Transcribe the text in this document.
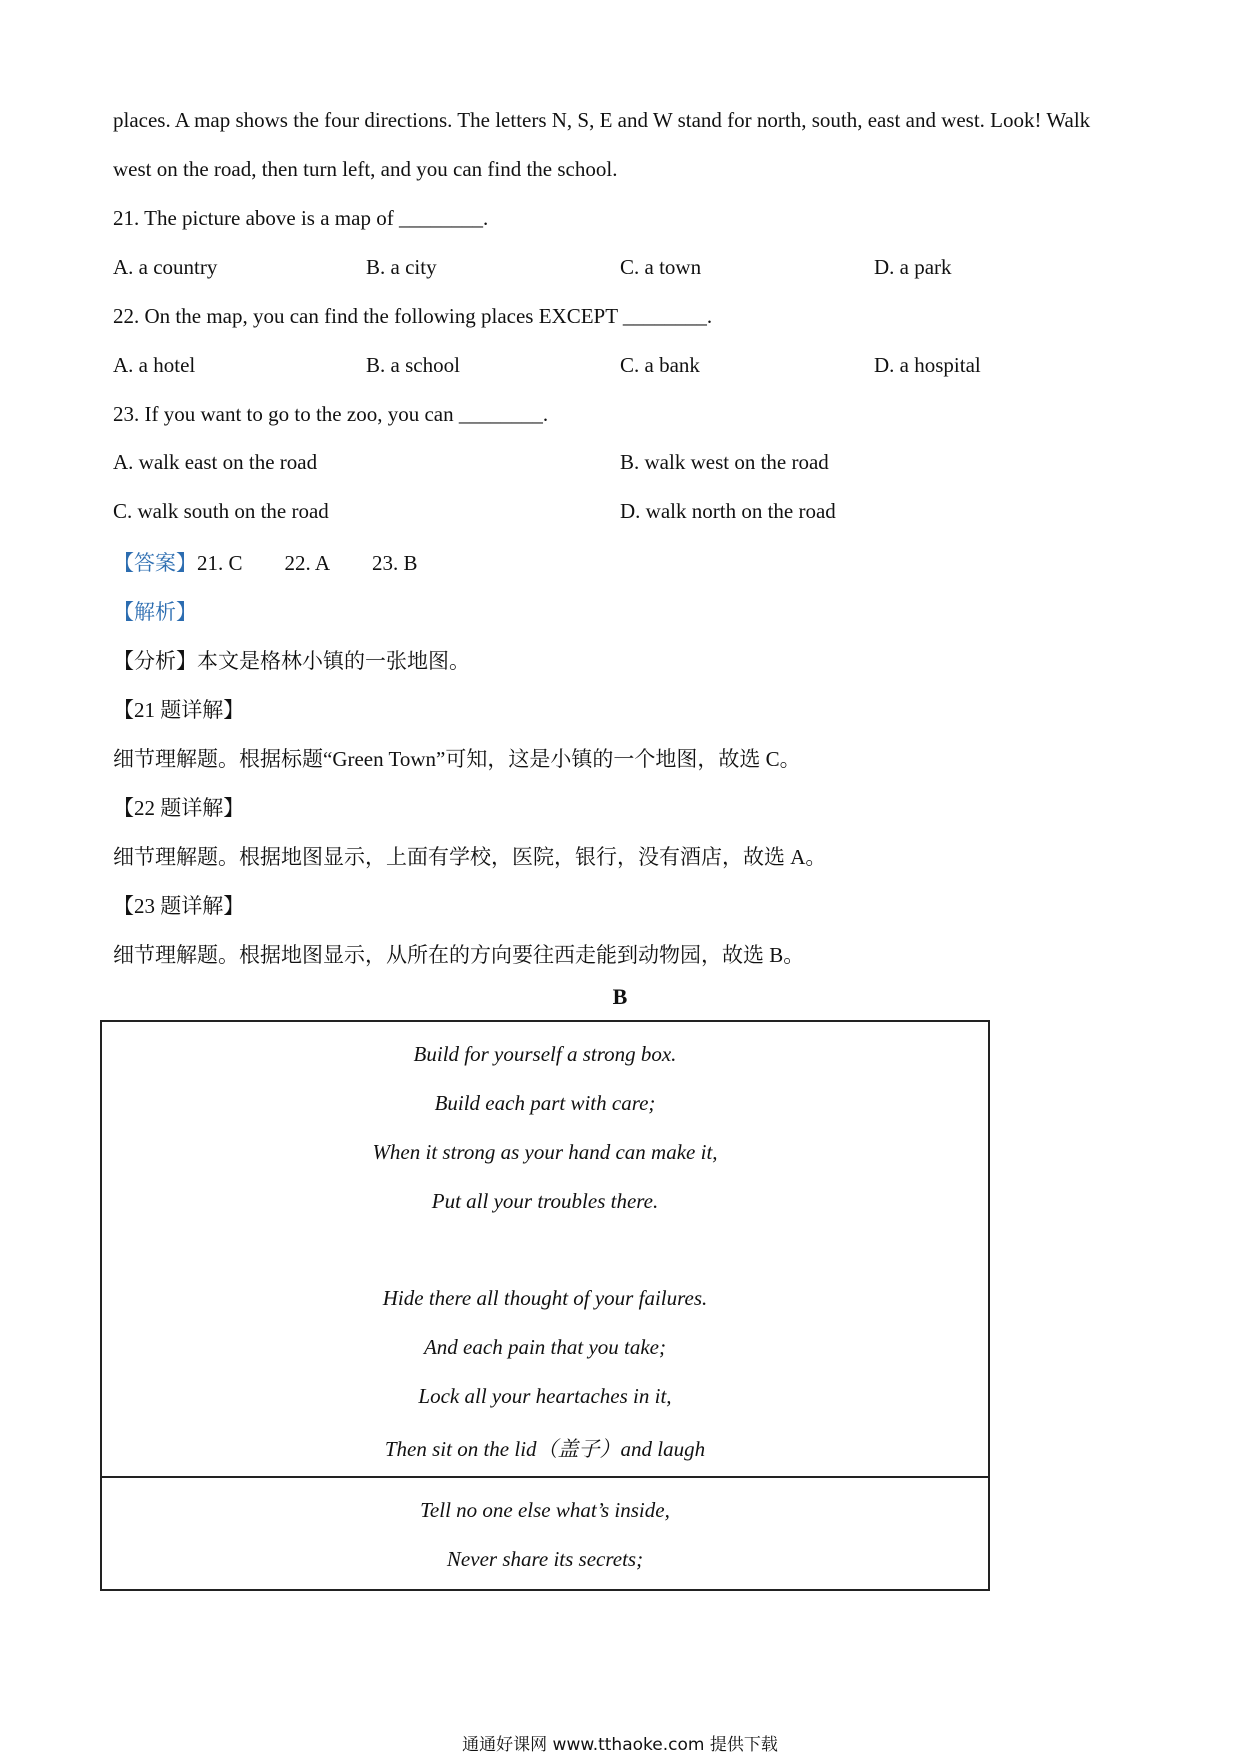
places. A map shows the four directions. The letters N, S, E and W stand for north, south, east and west. Look! Walk
west on the road, then turn left, and you can find the school.
21. The picture above is a map of ________.
A. a country	B. a city	C. a town	D. a park
22. On the map, you can find the following places EXCEPT ________.
A. a hotel	B. a school	C. a bank	D. a hospital
23. If you want to go to the zoo, you can ________.
A. walk east on the road	B. walk west on the road
C. walk south on the road	D. walk north on the road
【答案】21. C 22. A 23. B
【解析】
【分析】本文是格林小镇的一张地图。
【21 题详解】
细节理解题。根据标题“Green Town”可知，这是小镇的一个地图，故选 C。
【22 题详解】
细节理解题。根据地图显示，上面有学校，医院，银行，没有酒店，故选 A。
【23 题详解】
细节理解题。根据地图显示，从所在的方向要往西走能到动物园，故选 B。
B
Build for yourself a strong box.
Build each part with care;
When it strong as your hand can make it,
Put all your troubles there.
Hide there all thought of your failures.
And each pain that you take;
Lock all your heartaches in it,
Then sit on the lid（盖子）and laugh
Tell no one else what’s inside,
Never share its secrets;
通通好课网 www.tthaoke.com 提供下载
